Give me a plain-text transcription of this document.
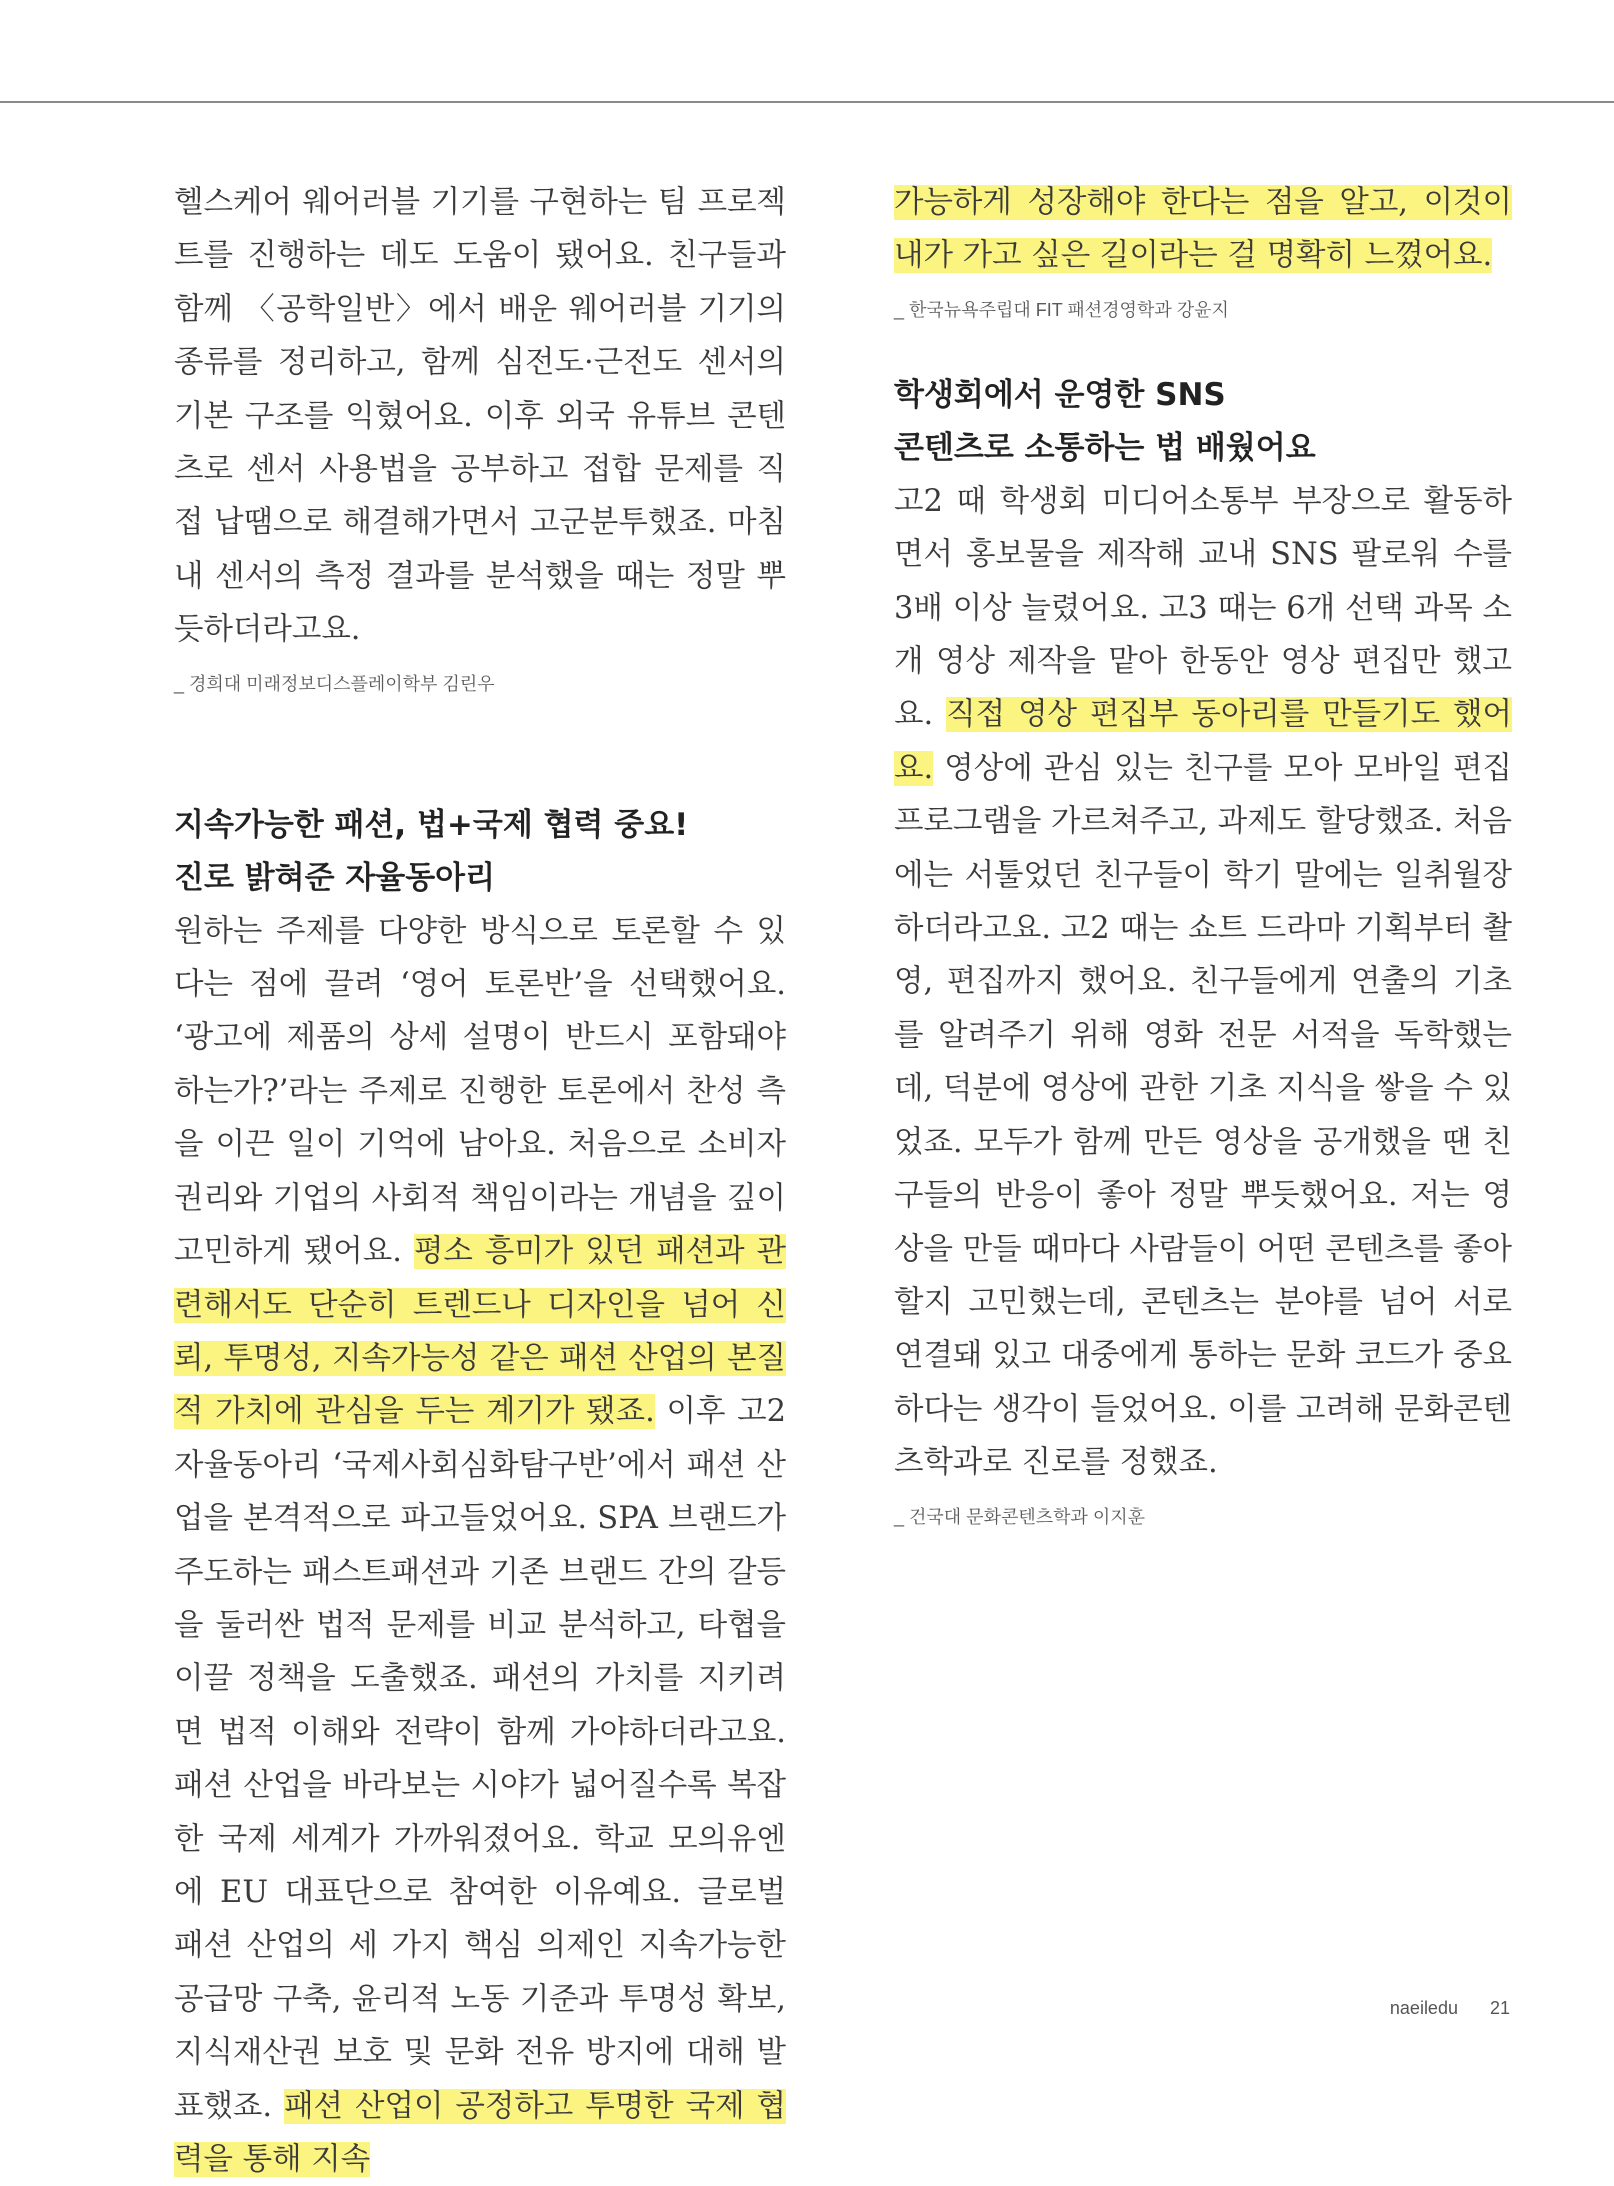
헬스케어 웨어러블 기기를 구현하는 팀 프로젝트를 진행하는 데도 도움이 됐어요. 친구들과 함께 〈공학일반〉에서 배운 웨어러블 기기의 종류를 정리하고, 함께 심전도·근전도 센서의 기본 구조를 익혔어요. 이후 외국 유튜브 콘텐츠로 센서 사용법을 공부하고 접합 문제를 직접 납땜으로 해결해가면서 고군분투했죠. 마침내 센서의 측정 결과를 분석했을 때는 정말 뿌듯하더라고요.

_ 경희대 미래정보디스플레이학부 김린우

지속가능한 패션, 법+국제 협력 중요!
진로 밝혀준 자율동아리

원하는 주제를 다양한 방식으로 토론할 수 있다는 점에 끌려 ‘영어 토론반’을 선택했어요. ‘광고에 제품의 상세 설명이 반드시 포함돼야 하는가?’라는 주제로 진행한 토론에서 찬성 측을 이끈 일이 기억에 남아요. 처음으로 소비자 권리와 기업의 사회적 책임이라는 개념을 깊이 고민하게 됐어요. 평소 흥미가 있던 패션과 관련해서도 단순히 트렌드나 디자인을 넘어 신뢰, 투명성, 지속가능성 같은 패션 산업의 본질적 가치에 관심을 두는 계기가 됐죠. 이후 고2 자율동아리 ‘국제사회심화탐구반’에서 패션 산업을 본격적으로 파고들었어요. SPA 브랜드가 주도하는 패스트패션과 기존 브랜드 간의 갈등을 둘러싼 법적 문제를 비교 분석하고, 타협을 이끌 정책을 도출했죠. 패션의 가치를 지키려면 법적 이해와 전략이 함께 가야하더라고요. 패션 산업을 바라보는 시야가 넓어질수록 복잡한 국제 세계가 가까워졌어요. 학교 모의유엔에 EU 대표단으로 참여한 이유예요. 글로벌 패션 산업의 세 가지 핵심 의제인 지속가능한 공급망 구축, 윤리적 노동 기준과 투명성 확보, 지식재산권 보호 및 문화 전유 방지에 대해 발표했죠. 패션 산업이 공정하고 투명한 국제 협력을 통해 지속

가능하게 성장해야 한다는 점을 알고, 이것이 내가 가고 싶은 길이라는 걸 명확히 느꼈어요.

_ 한국뉴욕주립대 FIT 패션경영학과 강윤지

학생회에서 운영한 SNS
콘텐츠로 소통하는 법 배웠어요

고2 때 학생회 미디어소통부 부장으로 활동하면서 홍보물을 제작해 교내 SNS 팔로워 수를 3배 이상 늘렸어요. 고3 때는 6개 선택 과목 소개 영상 제작을 맡아 한동안 영상 편집만 했고요. 직접 영상 편집부 동아리를 만들기도 했어요. 영상에 관심 있는 친구를 모아 모바일 편집 프로그램을 가르쳐주고, 과제도 할당했죠. 처음에는 서툴었던 친구들이 학기 말에는 일취월장하더라고요. 고2 때는 쇼트 드라마 기획부터 촬영, 편집까지 했어요. 친구들에게 연출의 기초를 알려주기 위해 영화 전문 서적을 독학했는데, 덕분에 영상에 관한 기초 지식을 쌓을 수 있었죠. 모두가 함께 만든 영상을 공개했을 땐 친구들의 반응이 좋아 정말 뿌듯했어요. 저는 영상을 만들 때마다 사람들이 어떤 콘텐츠를 좋아할지 고민했는데, 콘텐츠는 분야를 넘어 서로 연결돼 있고 대중에게 통하는 문화 코드가 중요하다는 생각이 들었어요. 이를 고려해 문화콘텐츠학과로 진로를 정했죠.

_ 건국대 문화콘텐츠학과 이지훈

naeiledu 21
